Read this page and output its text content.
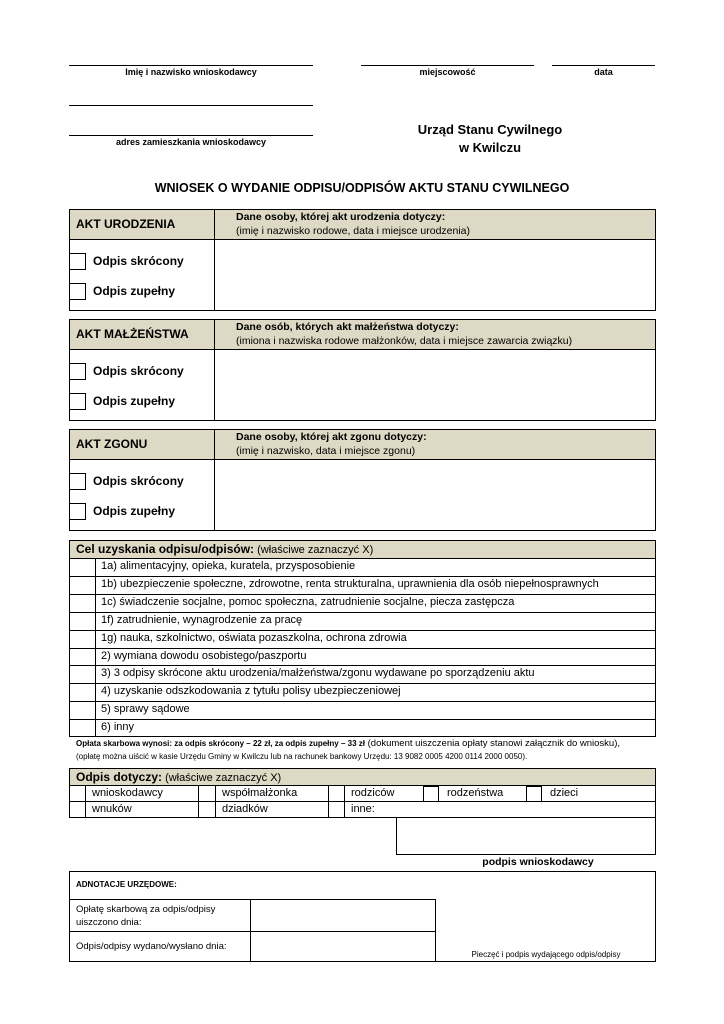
Imię i nazwisko wnioskodawcy	miejscowość	data
adres zamieszkania wnioskodawcy
Urząd Stanu Cywilnego
w Kwilczu
WNIOSEK O WYDANIE ODPISU/ODPISÓW AKTU STANU CYWILNEGO
AKT URODZENIA	Dane osoby, której akt urodzenia dotyczy:
(imię i nazwisko rodowe, data i miejsce urodzenia)
Odpis skrócony
Odpis zupełny
AKT MAŁŻEŃSTWA	Dane osób, których akt małżeństwa dotyczy:
(imiona i nazwiska rodowe małżonków, data i miejsce zawarcia związku)
Odpis skrócony
Odpis zupełny
AKT ZGONU	Dane osoby, której akt zgonu dotyczy:
(imię i nazwisko, data i miejsce zgonu)
Odpis skrócony
Odpis zupełny
Cel uzyskania odpisu/odpisów: (właściwe zaznaczyć X)
1a) alimentacyjny, opieka, kuratela, przysposobienie
1b) ubezpieczenie społeczne, zdrowotne, renta strukturalna, uprawnienia dla osób niepełnosprawnych
1c) świadczenie socjalne, pomoc społeczna, zatrudnienie socjalne, piecza zastępcza
1f) zatrudnienie, wynagrodzenie za pracę
1g) nauka, szkolnictwo, oświata pozaszkolna, ochrona zdrowia
2) wymiana dowodu osobistego/paszportu
3) 3 odpisy skrócone aktu urodzenia/małżeństwa/zgonu wydawane po sporządzeniu aktu
4) uzyskanie odszkodowania z tytułu polisy ubezpieczeniowej
5) sprawy sądowe
6) inny
Opłata skarbowa wynosi: za odpis skrócony – 22 zł, za odpis zupełny – 33 zł (dokument uiszczenia opłaty stanowi załącznik do wniosku),
(opłatę można uiścić w kasie Urzędu Gminy w Kwilczu lub na rachunek bankowy Urzędu: 13 9082 0005 4200 0114 2000 0050).
Odpis dotyczy: (właściwe zaznaczyć X)
wnioskodawcy	współmałżonka	rodziców	rodzeństwa	dzieci
wnuków	dziadków	inne:
podpis wnioskodawcy
ADNOTACJE URZĘDOWE:
Opłatę skarbową za odpis/odpisy uiszczono dnia:
Odpis/odpisy wydano/wysłano dnia:
Pieczęć i podpis wydającego odpis/odpisy
